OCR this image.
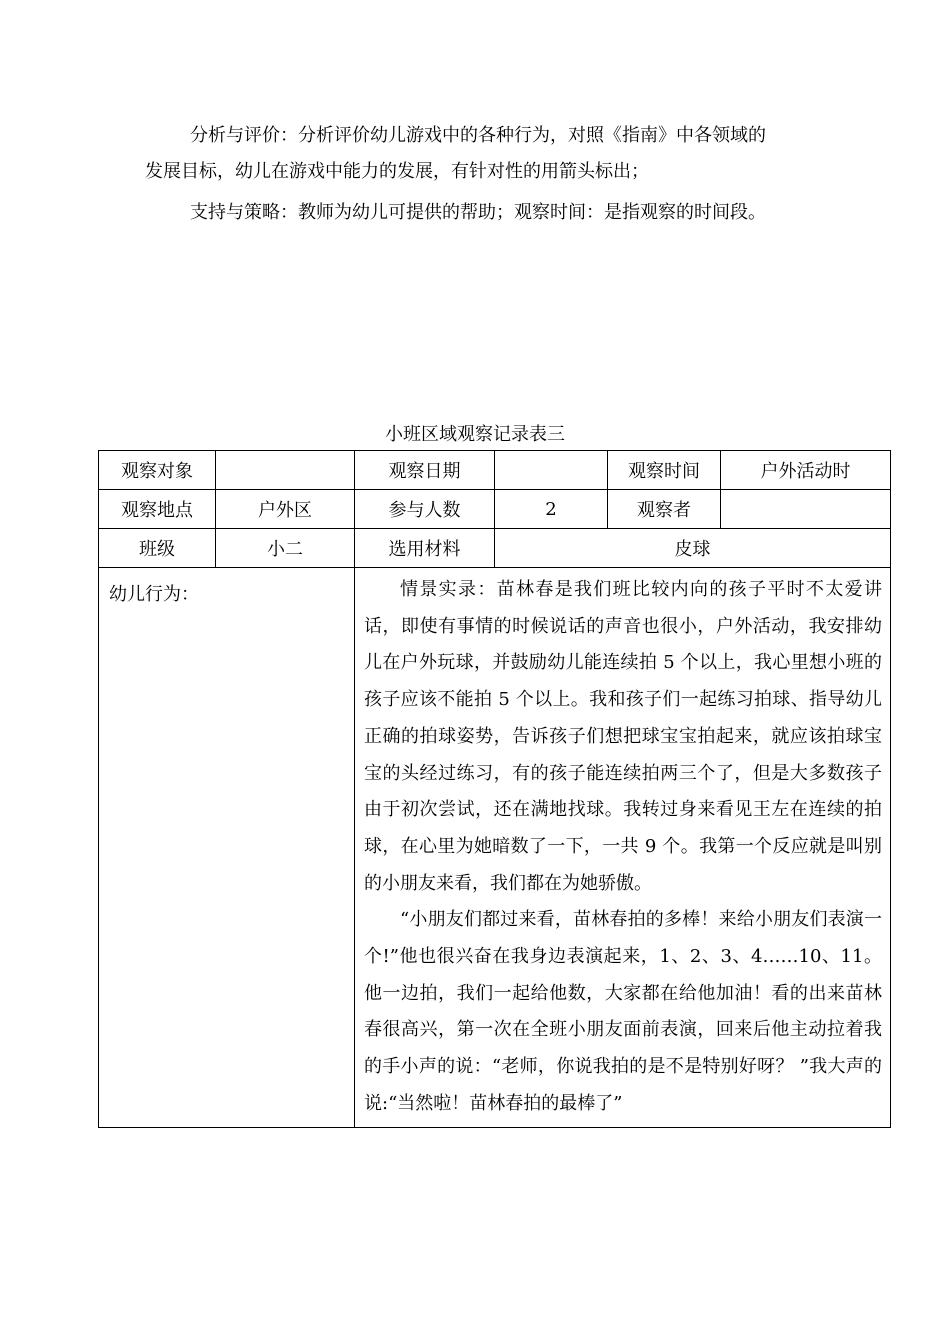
分析与评价：分析评价幼儿游戏中的各种行为，对照《指南》中各领域的

发展目标，幼儿在游戏中能力的发展，有针对性的用箭头标出；

支持与策略：教师为幼儿可提供的帮助；观察时间：是指观察的时间段。

小班区域观察记录表三
观察对象		观察日期		观察时间	户外活动时
观察地点	户外区	参与人数	2	观察者	
班级	小二	选用材料	皮球		
幼儿行为：		情景实录：苗林春是我们班比较内向的孩子平时不太爱讲话，即使有事情的时候说话的声音也很小，户外活动，我安排幼儿在户外玩球，并鼓励幼儿能连续拍 5 个以上，我心里想小班的孩子应该不能拍 5 个以上。我和孩子们一起练习拍球、指导幼儿正确的拍球姿势，告诉孩子们想把球宝宝拍起来，就应该拍球宝宝的头经过练习，有的孩子能连续拍两三个了，但是大多数孩子由于初次尝试，还在满地找球。我转过身来看见王左在连续的拍球，在心里为她暗数了一下，一共 9 个。我第一个反应就是叫别的小朋友来看，我们都在为她骄傲。

“小朋友们都过来看，苗林春拍的多棒！来给小朋友们表演一个!”他也很兴奋在我身边表演起来，1、2、3、4……10、11。他一边拍，我们一起给他数，大家都在给他加油！看的出来苗林春很高兴，第一次在全班小朋友面前表演，回来后他主动拉着我的手小声的说：“老师，你说我拍的是不是特别好呀？ ”我大声的说:“当然啦！苗林春拍的最棒了”			
